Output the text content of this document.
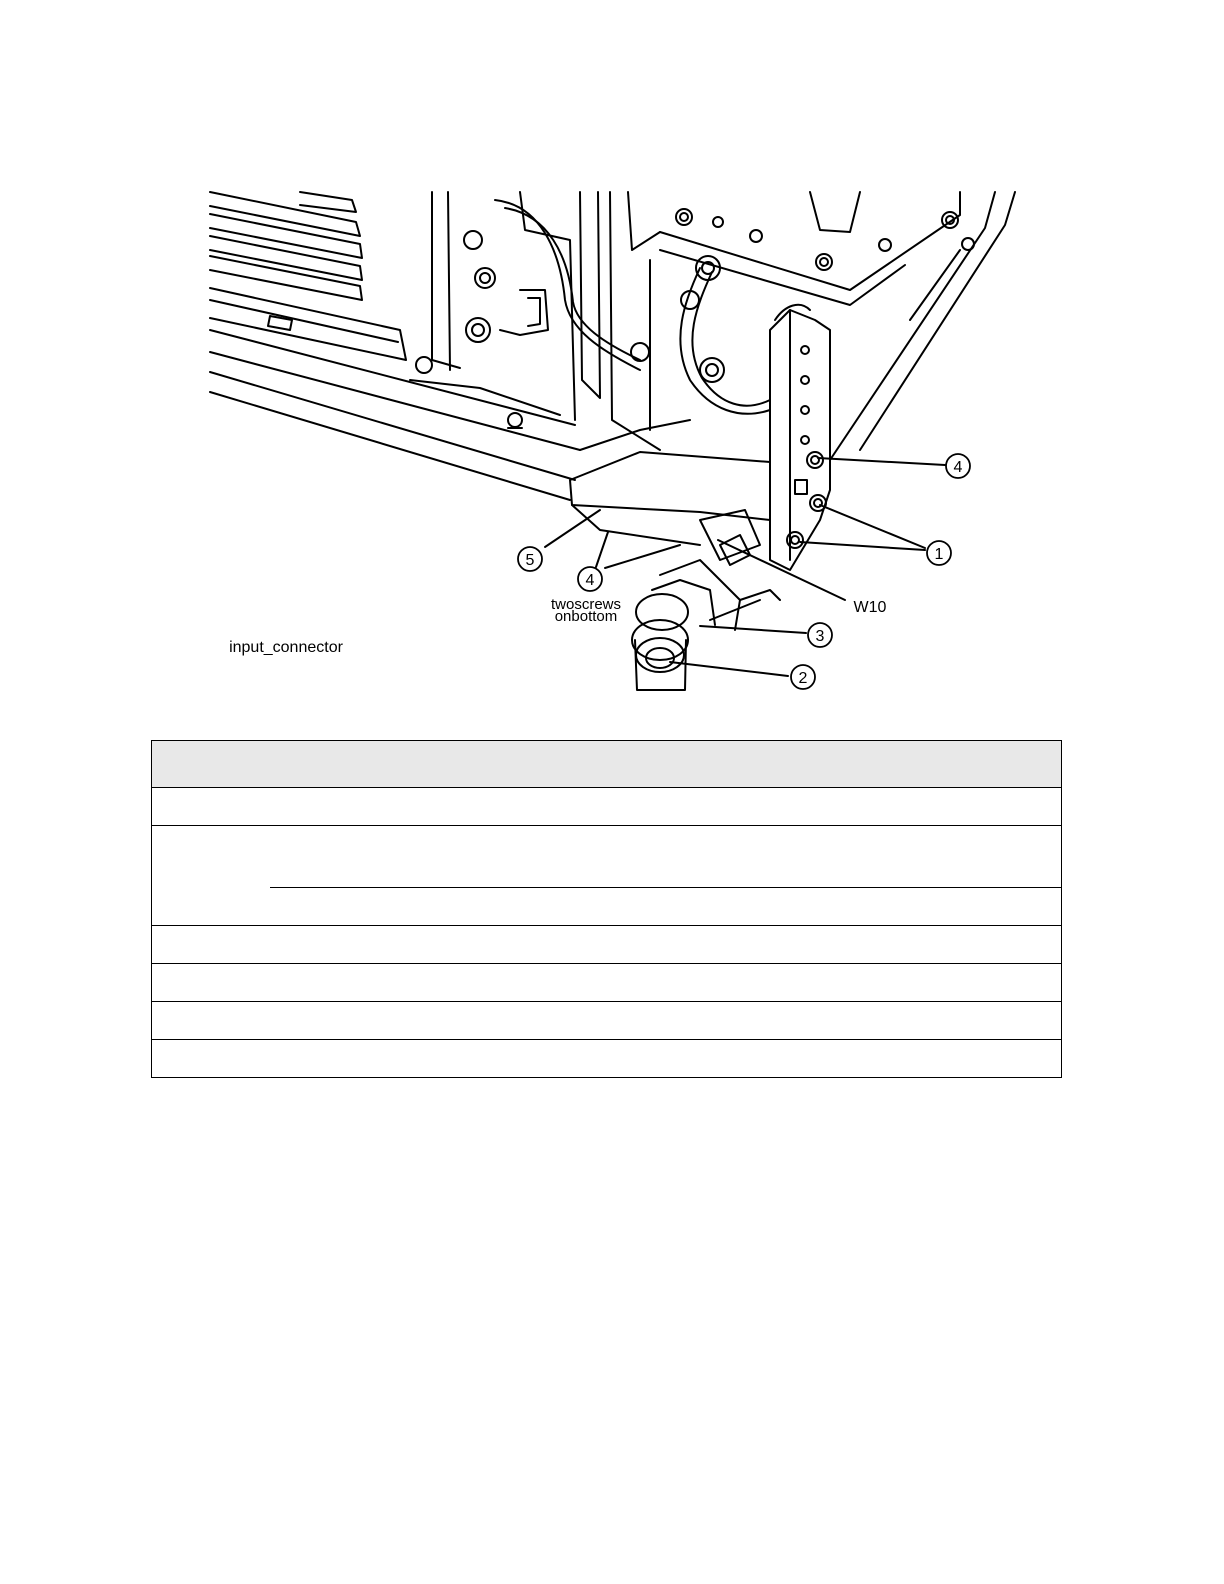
1
2
3
4
4
5
twoscrews
onbottom
W10
input_connector
